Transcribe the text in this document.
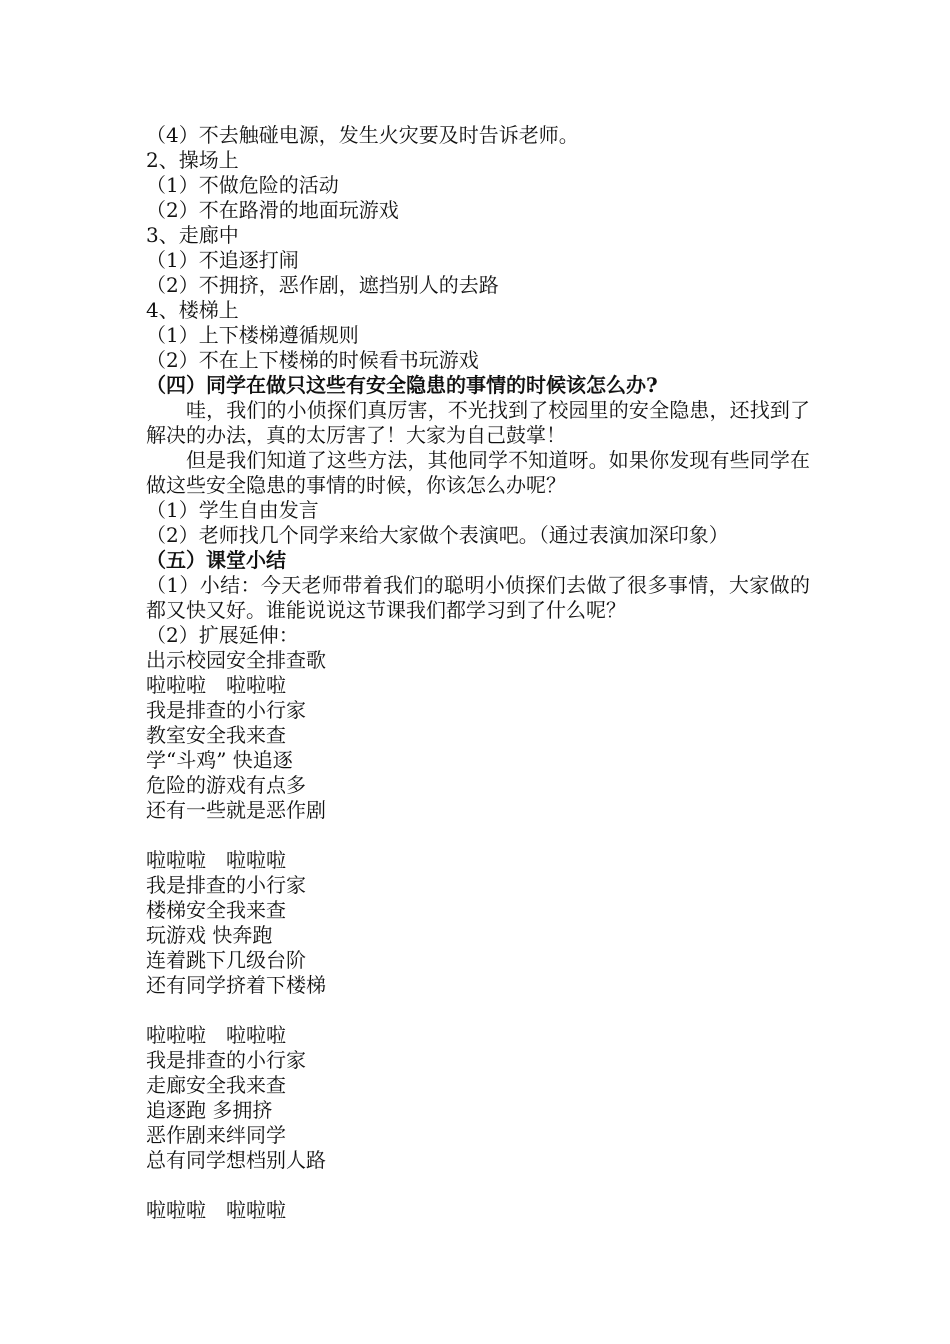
（4）不去触碰电源，发生火灾要及时告诉老师。
2、操场上
（1）不做危险的活动
（2）不在路滑的地面玩游戏
3、走廊中
（1）不追逐打闹
（2）不拥挤，恶作剧，遮挡别人的去路
4、楼梯上
（1）上下楼梯遵循规则
（2）不在上下楼梯的时候看书玩游戏
（四）同学在做只这些有安全隐患的事情的时候该怎么办?
哇，我们的小侦探们真厉害，不光找到了校园里的安全隐患，还找到了解决的办法，真的太厉害了！大家为自己鼓掌！
但是我们知道了这些方法，其他同学不知道呀。如果你发现有些同学在做这些安全隐患的事情的时候，你该怎么办呢？
（1）学生自由发言
（2）老师找几个同学来给大家做个表演吧。（通过表演加深印象）
（五）课堂小结
（1）小结：今天老师带着我们的聪明小侦探们去做了很多事情，大家做的都又快又好。谁能说说这节课我们都学习到了什么呢？
（2）扩展延伸：
出示校园安全排查歌
啦啦啦　啦啦啦
我是排查的小行家
教室安全我来查
学“斗鸡” 快追逐
危险的游戏有点多
还有一些就是恶作剧
啦啦啦　啦啦啦
我是排查的小行家
楼梯安全我来查
玩游戏 快奔跑
连着跳下几级台阶
还有同学挤着下楼梯
啦啦啦　啦啦啦
我是排查的小行家
走廊安全我来查
追逐跑 多拥挤
恶作剧来绊同学
总有同学想档别人路
啦啦啦　啦啦啦
